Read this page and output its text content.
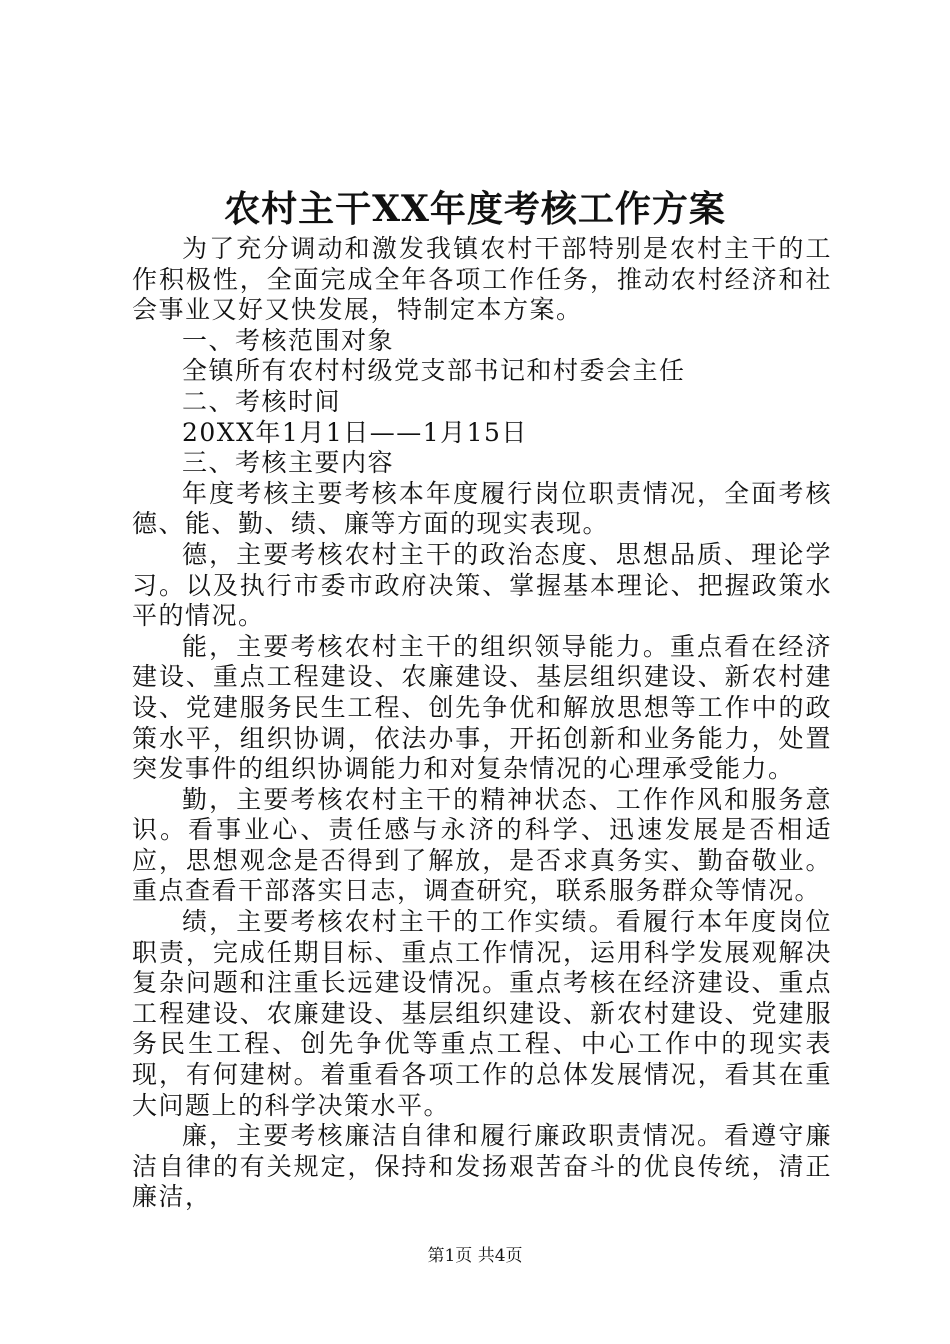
农村主干XX年度考核工作方案

为了充分调动和激发我镇农村干部特别是农村主干的工作积极性，全面完成全年各项工作任务，推动农村经济和社会事业又好又快发展，特制定本方案。

一、考核范围对象

全镇所有农村村级党支部书记和村委会主任

二、考核时间

20XX年1月1日——1月15日

三、考核主要内容

年度考核主要考核本年度履行岗位职责情况，全面考核德、能、勤、绩、廉等方面的现实表现。

德，主要考核农村主干的政治态度、思想品质、理论学习。以及执行市委市政府决策、掌握基本理论、把握政策水平的情况。

能，主要考核农村主干的组织领导能力。重点看在经济建设、重点工程建设、农廉建设、基层组织建设、新农村建设、党建服务民生工程、创先争优和解放思想等工作中的政策水平，组织协调，依法办事，开拓创新和业务能力，处置突发事件的组织协调能力和对复杂情况的心理承受能力。

勤，主要考核农村主干的精神状态、工作作风和服务意识。看事业心、责任感与永济的科学、迅速发展是否相适应，思想观念是否得到了解放，是否求真务实、勤奋敬业。重点查看干部落实日志，调查研究，联系服务群众等情况。

绩，主要考核农村主干的工作实绩。看履行本年度岗位职责，完成任期目标、重点工作情况，运用科学发展观解决复杂问题和注重长远建设情况。重点考核在经济建设、重点工程建设、农廉建设、基层组织建设、新农村建设、党建服务民生工程、创先争优等重点工程、中心工作中的现实表现，有何建树。着重看各项工作的总体发展情况，看其在重大问题上的科学决策水平。

廉，主要考核廉洁自律和履行廉政职责情况。看遵守廉洁自律的有关规定，保持和发扬艰苦奋斗的优良传统，清正廉洁，

第1页 共4页
